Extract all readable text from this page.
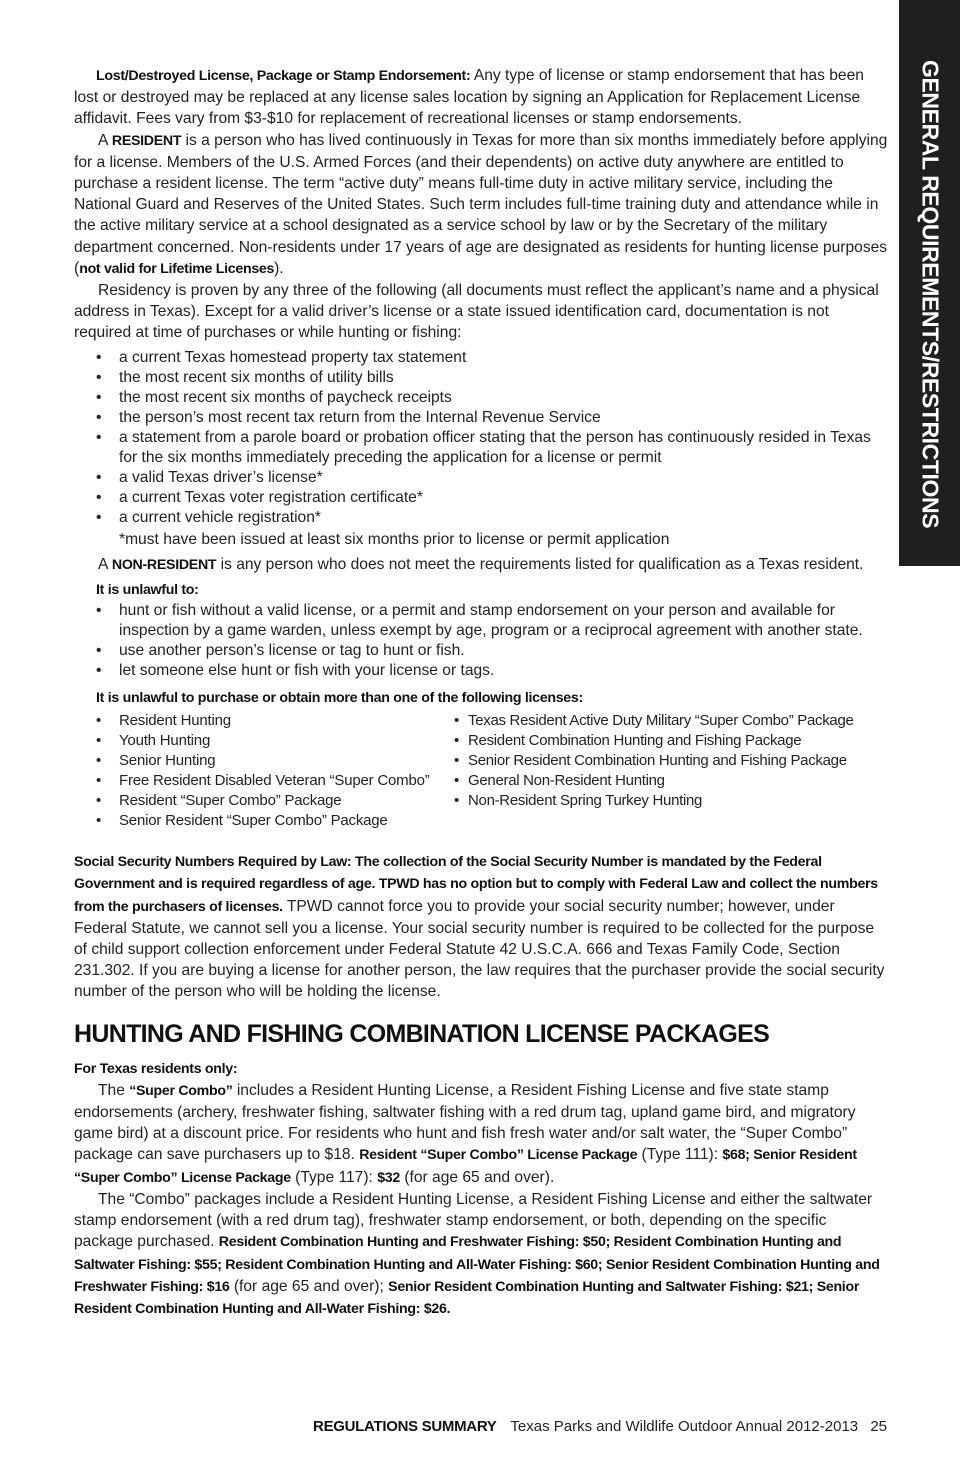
GENERAL REQUIREMENTS/RESTRICTIONS

Lost/Destroyed License, Package or Stamp Endorsement: Any type of license or stamp endorsement that has been lost or destroyed may be replaced at any license sales location by signing an Application for Replacement License affidavit. Fees vary from $3-$10 for replacement of recreational licenses or stamp endorsements.

A RESIDENT is a person who has lived continuously in Texas for more than six months immediately before applying for a license. Members of the U.S. Armed Forces (and their dependents) on active duty anywhere are entitled to purchase a resident license. The term “active duty” means full-time duty in active military service, including the National Guard and Reserves of the United States. Such term includes full-time training duty and attendance while in the active military service at a school designated as a service school by law or by the Secretary of the military department concerned. Non-residents under 17 years of age are designated as residents for hunting license purposes (not valid for Lifetime Licenses).

Residency is proven by any three of the following (all documents must reflect the applicant’s name and a physical address in Texas). Except for a valid driver’s license or a state issued identification card, documentation is not required at time of purchases or while hunting or fishing:

• a current Texas homestead property tax statement
• the most recent six months of utility bills
• the most recent six months of paycheck receipts
• the person’s most recent tax return from the Internal Revenue Service
• a statement from a parole board or probation officer stating that the person has continuously resided in Texas for the six months immediately preceding the application for a license or permit
• a valid Texas driver’s license*
• a current Texas voter registration certificate*
• a current vehicle registration*

*must have been issued at least six months prior to license or permit application

A NON-RESIDENT is any person who does not meet the requirements listed for qualification as a Texas resident.

It is unlawful to:

• hunt or fish without a valid license, or a permit and stamp endorsement on your person and available for inspection by a game warden, unless exempt by age, program or a reciprocal agreement with another state.
• use another person’s license or tag to hunt or fish.
• let someone else hunt or fish with your license or tags.

It is unlawful to purchase or obtain more than one of the following licenses:

• Resident Hunting
• Youth Hunting
• Senior Hunting
• Free Resident Disabled Veteran “Super Combo”
• Resident “Super Combo” Package
• Senior Resident “Super Combo” Package
• Texas Resident Active Duty Military “Super Combo” Package
• Resident Combination Hunting and Fishing Package
• Senior Resident Combination Hunting and Fishing Package
• General Non-Resident Hunting
• Non-Resident Spring Turkey Hunting

Social Security Numbers Required by Law: The collection of the Social Security Number is mandated by the Federal Government and is required regardless of age. TPWD has no option but to comply with Federal Law and collect the numbers from the purchasers of licenses. TPWD cannot force you to provide your social security number; however, under Federal Statute, we cannot sell you a license. Your social security number is required to be collected for the purpose of child support collection enforcement under Federal Statute 42 U.S.C.A. 666 and Texas Family Code, Section 231.302. If you are buying a license for another person, the law requires that the purchaser provide the social security number of the person who will be holding the license.

HUNTING AND FISHING COMBINATION LICENSE PACKAGES

For Texas residents only:

The “Super Combo” includes a Resident Hunting License, a Resident Fishing License and five state stamp endorsements (archery, freshwater fishing, saltwater fishing with a red drum tag, upland game bird, and migratory game bird) at a discount price. For residents who hunt and fish fresh water and/or salt water, the “Super Combo” package can save purchasers up to $18. Resident “Super Combo” License Package (Type 111): $68; Senior Resident “Super Combo” License Package (Type 117): $32 (for age 65 and over).

The “Combo” packages include a Resident Hunting License, a Resident Fishing License and either the saltwater stamp endorsement (with a red drum tag), freshwater stamp endorsement, or both, depending on the specific package purchased. Resident Combination Hunting and Freshwater Fishing: $50; Resident Combination Hunting and Saltwater Fishing: $55; Resident Combination Hunting and All-Water Fishing: $60; Senior Resident Combination Hunting and Freshwater Fishing: $16 (for age 65 and over); Senior Resident Combination Hunting and Saltwater Fishing: $21; Senior Resident Combination Hunting and All-Water Fishing: $26.

REGULATIONS SUMMARY Texas Parks and Wildlife Outdoor Annual 2012-2013 25
